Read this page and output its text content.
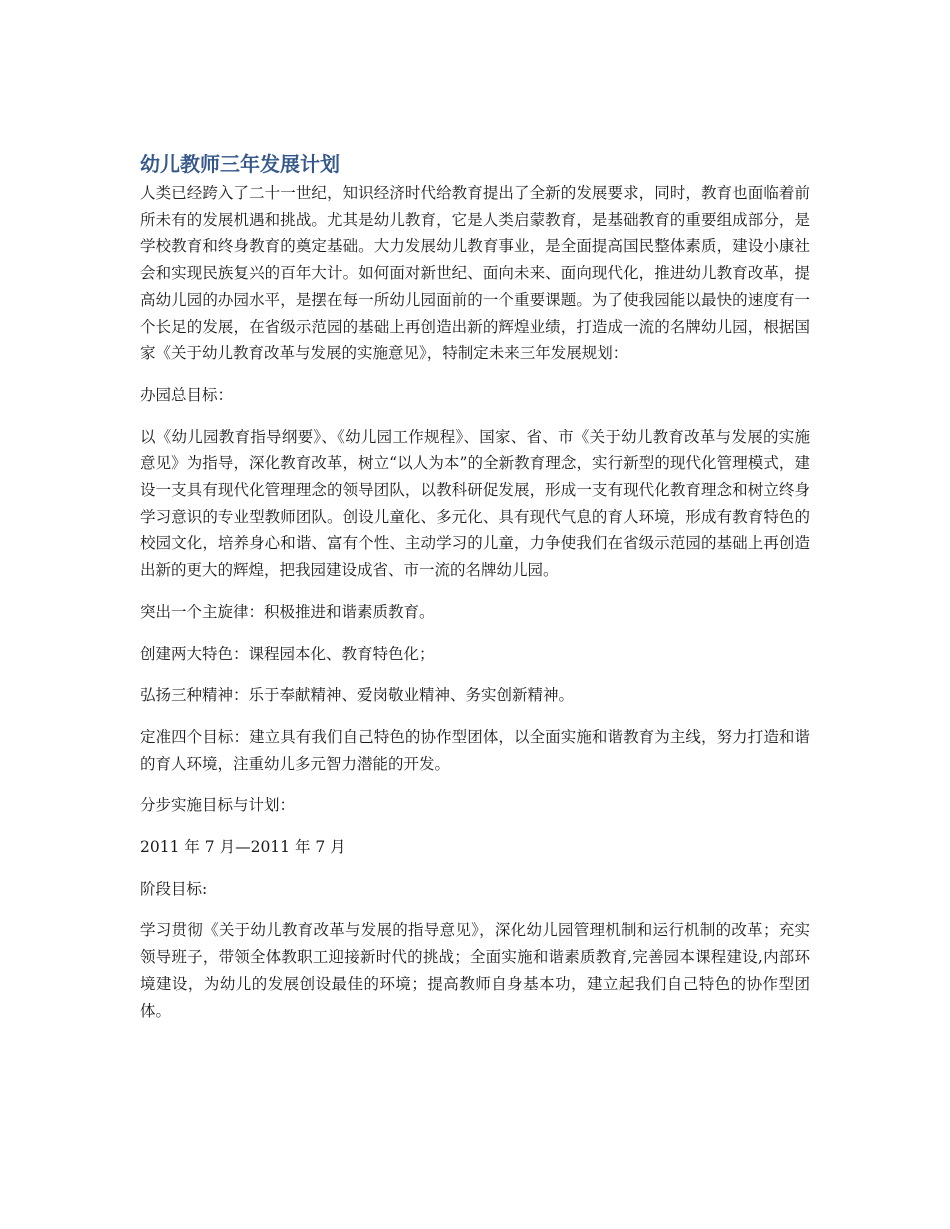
幼儿教师三年发展计划

人类已经跨入了二十一世纪，知识经济时代给教育提出了全新的发展要求，同时，教育也面临着前所未有的发展机遇和挑战。尤其是幼儿教育，它是人类启蒙教育，是基础教育的重要组成部分，是学校教育和终身教育的奠定基础。大力发展幼儿教育事业，是全面提高国民整体素质，建设小康社会和实现民族复兴的百年大计。如何面对新世纪、面向未来、面向现代化，推进幼儿教育改革，提高幼儿园的办园水平，是摆在每一所幼儿园面前的一个重要课题。为了使我园能以最快的速度有一个长足的发展，在省级示范园的基础上再创造出新的辉煌业绩，打造成一流的名牌幼儿园，根据国家《关于幼儿教育改革与发展的实施意见》，特制定未来三年发展规划：

办园总目标：

以《幼儿园教育指导纲要》、《幼儿园工作规程》、国家、省、市《关于幼儿教育改革与发展的实施意见》为指导，深化教育改革，树立“以人为本”的全新教育理念，实行新型的现代化管理模式，建设一支具有现代化管理理念的领导团队，以教科研促发展，形成一支有现代化教育理念和树立终身学习意识的专业型教师团队。创设儿童化、多元化、具有现代气息的育人环境，形成有教育特色的校园文化，培养身心和谐、富有个性、主动学习的儿童，力争使我们在省级示范园的基础上再创造出新的更大的辉煌，把我园建设成省、市一流的名牌幼儿园。

突出一个主旋律：积极推进和谐素质教育。

创建两大特色：课程园本化、教育特色化；

弘扬三种精神：乐于奉献精神、爱岗敬业精神、务实创新精神。

定准四个目标：建立具有我们自己特色的协作型团体，以全面实施和谐教育为主线，努力打造和谐的育人环境，注重幼儿多元智力潜能的开发。

分步实施目标与计划：

2011 年 7 月—2011 年 7 月

阶段目标:

学习贯彻《关于幼儿教育改革与发展的指导意见》，深化幼儿园管理机制和运行机制的改革；充实领导班子，带领全体教职工迎接新时代的挑战；全面实施和谐素质教育,完善园本课程建设,内部环境建设，为幼儿的发展创设最佳的环境；提高教师自身基本功，建立起我们自己特色的协作型团体。
